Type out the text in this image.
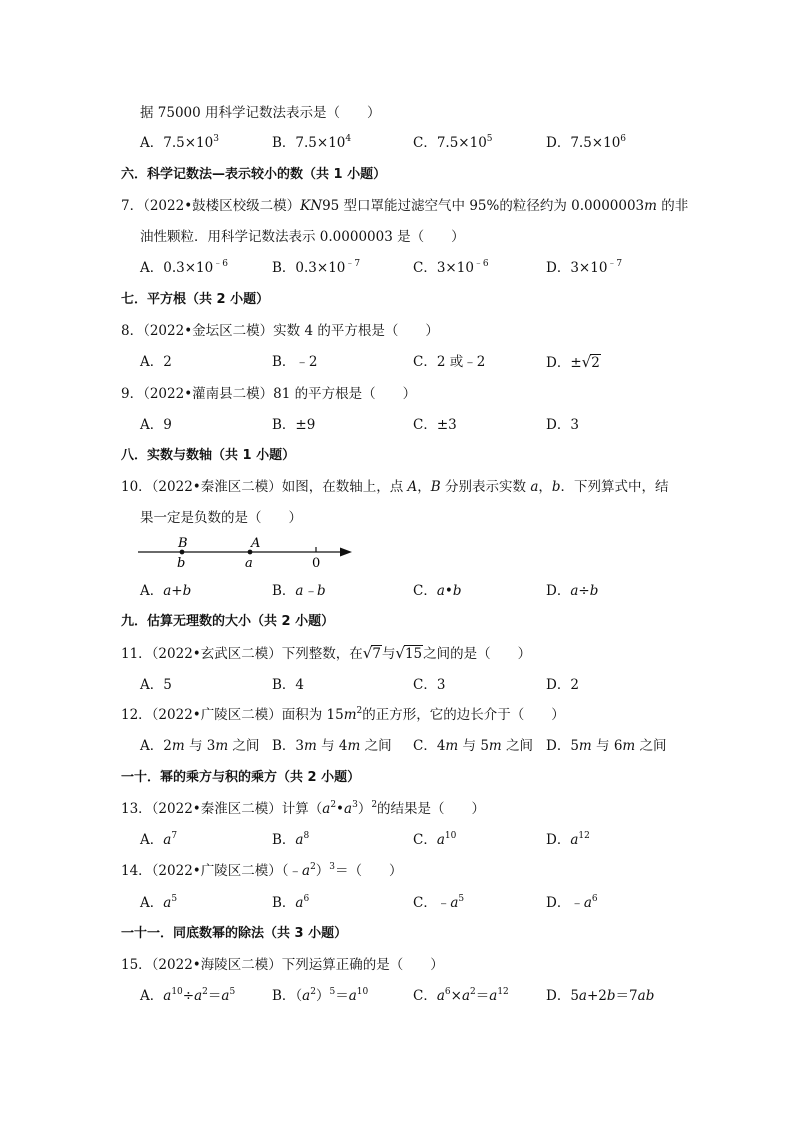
据 75000 用科学记数法表示是（　　）
A．$7.5\times 10^3$	B．$7.5\times 10^4$	C．$7.5\times 10^5$	D．$7.5\times 10^6$
六．科学记数法—表示较小的数（共 1 小题）
7．（2022•鼓楼区校级二模）KN95 型口罩能过滤空气中 95%的粒径约为 0.0000003m 的非
油性颗粒．用科学记数法表示 0.0000003 是（　　）
A．$0.3\times 10^{﹣6}$	B．$0.3\times 10^{﹣7}$	C．$3\times 10^{﹣6}$	D．$3\times 10^{﹣7}$
七．平方根（共 2 小题）
8．（2022•金坛区二模）实数 4 的平方根是（　　）
A．2	B．﹣2	C．2 或﹣2	D．±√2
9．（2022•灌南县二模）81 的平方根是（　　）
A．9	B．±9	C．±3	D．3
八．实数与数轴（共 1 小题）
10．（2022•秦淮区二模）如图，在数轴上，点 A，B 分别表示实数 a，b．下列算式中，结
果一定是负数的是（　　）
B
b
A
a	0
A．a+b	B．a﹣b	C．a•b	D．a÷b
九．估算无理数的大小（共 2 小题）
11．（2022•玄武区二模）下列整数，在√7与√15之间的是（　　）
A．5	B．4	C．3	D．2
12．（2022•广陵区二模）面积为 $15m^2$的正方形，它的边长介于（　　）
A．2m 与 3m 之间 B．3m 与 4m 之间 C．4m 与 5m 之间 D．5m 与 6m 之间
一十．幂的乘方与积的乘方（共 2 小题）
13．（2022•秦淮区二模）计算$(a^2•a^3)^2$的结果是（　　）
A．$a^7$	B．$a^8$	C．$a^{10}$	D．$a^{12}$
14．（2022•广陵区二模）$(﹣a^2)^3=$（　　）
A．$a^5$	B．$a^6$	C．$﹣a^5$	D．$﹣a^6$
一十一．同底数幂的除法（共 3 小题）
15．（2022•海陵区二模）下列运算正确的是（　　）
A．$a^{10}\div a^2=a^5$	B．$(a^2)^5=a^{10}$	C．$a^6\times a^2=a^{12}$	D．5a+2b＝7ab
